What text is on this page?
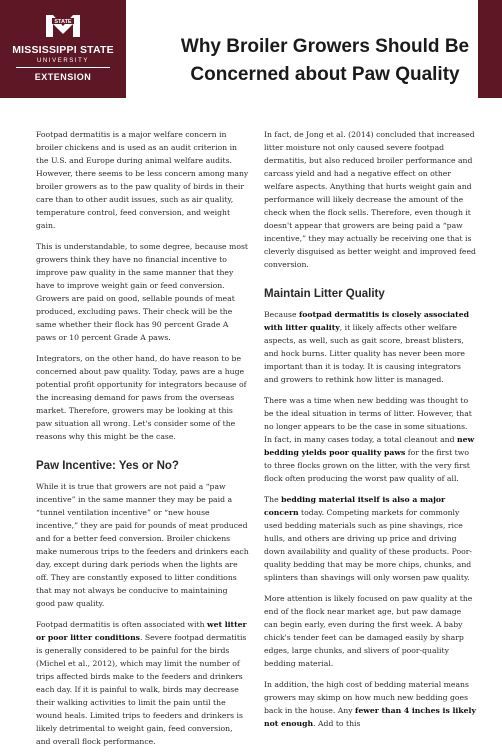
STATE
MISSISSIPPI STATE
UNIVERSITY
EXTENSION
Why Broiler Growers Should Be
Concerned about Paw Quality

Footpad dermatitis is a major welfare concern in broiler chickens and is used as an audit criterion in the U.S. and Europe during animal welfare audits. However, there seems to be less concern among many broiler growers as to the paw quality of birds in their care than to other audit issues, such as air quality, temperature control, feed conversion, and weight gain.

This is understandable, to some degree, because most growers think they have no financial incentive to improve paw quality in the same manner that they have to improve weight gain or feed conversion. Growers are paid on good, sellable pounds of meat produced, excluding paws. Their check will be the same whether their flock has 90 percent Grade A paws or 10 percent Grade A paws.

Integrators, on the other hand, do have reason to be concerned about paw quality. Today, paws are a huge potential profit opportunity for integrators because of the increasing demand for paws from the overseas market. Therefore, growers may be looking at this paw situation all wrong. Let's consider some of the reasons why this might be the case.

Paw Incentive: Yes or No?

While it is true that growers are not paid a “paw incentive” in the same manner they may be paid a “tunnel ventilation incentive” or “new house incentive,” they are paid for pounds of meat produced and for a better feed conversion. Broiler chickens make numerous trips to the feeders and drinkers each day, except during dark periods when the lights are off. They are constantly exposed to litter conditions that may not always be conducive to maintaining good paw quality.

Footpad dermatitis is often associated with wet litter or poor litter conditions. Severe footpad dermatitis is generally considered to be painful for the birds (Michel et al., 2012), which may limit the number of trips affected birds make to the feeders and drinkers each day. If it is painful to walk, birds may decrease their walking activities to limit the pain until the wound heals. Limited trips to feeders and drinkers is likely detrimental to weight gain, feed conversion, and overall flock performance.

In fact, de Jong et al. (2014) concluded that increased litter moisture not only caused severe footpad dermatitis, but also reduced broiler performance and carcass yield and had a negative effect on other welfare aspects. Anything that hurts weight gain and performance will likely decrease the amount of the check when the flock sells. Therefore, even though it doesn't appear that growers are being paid a “paw incentive,” they may actually be receiving one that is cleverly disguised as better weight and improved feed conversion.

Maintain Litter Quality

Because footpad dermatitis is closely associated with litter quality, it likely affects other welfare aspects, as well, such as gait score, breast blisters, and hock burns. Litter quality has never been more important than it is today. It is causing integrators and growers to rethink how litter is managed.

There was a time when new bedding was thought to be the ideal situation in terms of litter. However, that no longer appears to be the case in some situations. In fact, in many cases today, a total cleanout and new bedding yields poor quality paws for the first two to three flocks grown on the litter, with the very first flock often producing the worst paw quality of all.

The bedding material itself is also a major concern today. Competing markets for commonly used bedding materials such as pine shavings, rice hulls, and others are driving up price and driving down availability and quality of these products. Poor-quality bedding that may be more chips, chunks, and splinters than shavings will only worsen paw quality.

More attention is likely focused on paw quality at the end of the flock near market age, but paw damage can begin early, even during the first week. A baby chick's tender feet can be damaged easily by sharp edges, large chunks, and slivers of poor-quality bedding material.

In addition, the high cost of bedding material means growers may skimp on how much new bedding goes back in the house. Any fewer than 4 inches is likely not enough. Add to this
